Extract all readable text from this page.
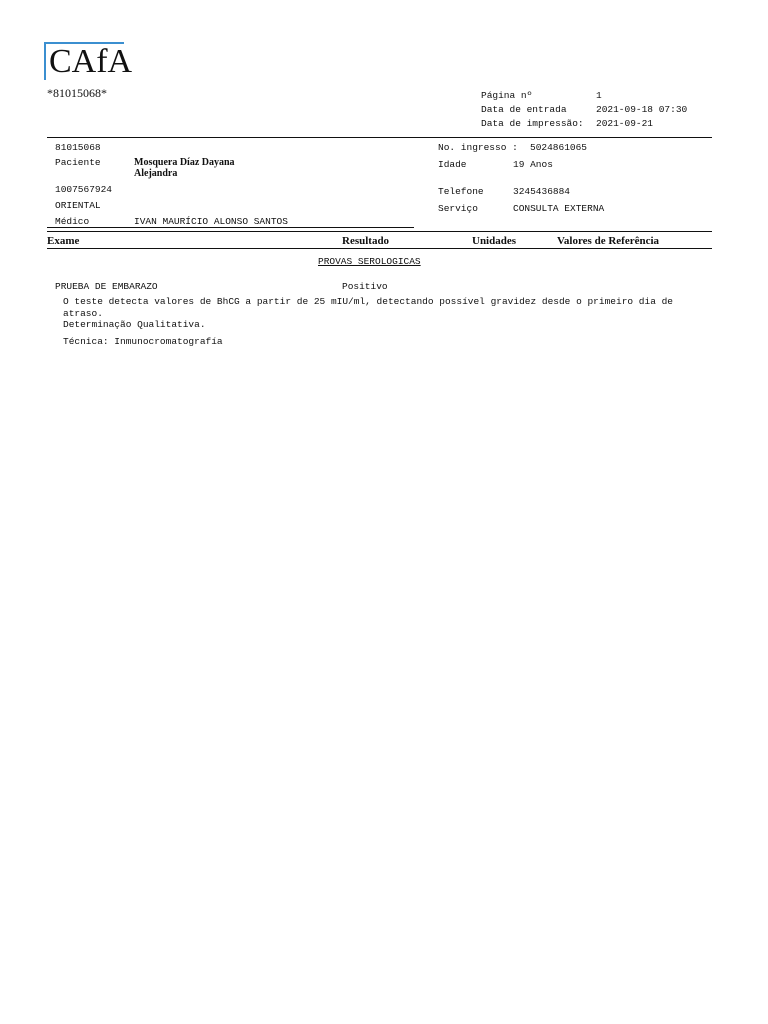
CAfA
*81015068*	Página nº	1
Data de entrada	2021-09-18 07:30
Data de impressão: 2021-09-21
81015068
Paciente	Mosquera Díaz Dayana
Alejandra
1007567924
ORIENTAL
Médico	IVAN MAURÍCIO ALONSO SANTOS
No. ingresso : 5024861065
Idade	19 Anos
Telefone	3245436884
Serviço	CONSULTA EXTERNA
Exame	Resultado	Unidades	Valores de Referência
PROVAS SEROLOGICAS
PRUEBA DE EMBARAZO	Positivo
O teste detecta valores de BhCG a partir de 25 mIU/ml, detectando possível gravidez desde o primeiro dia de
atraso.
Determinação Qualitativa.
Técnica: Inmunocromatografía
